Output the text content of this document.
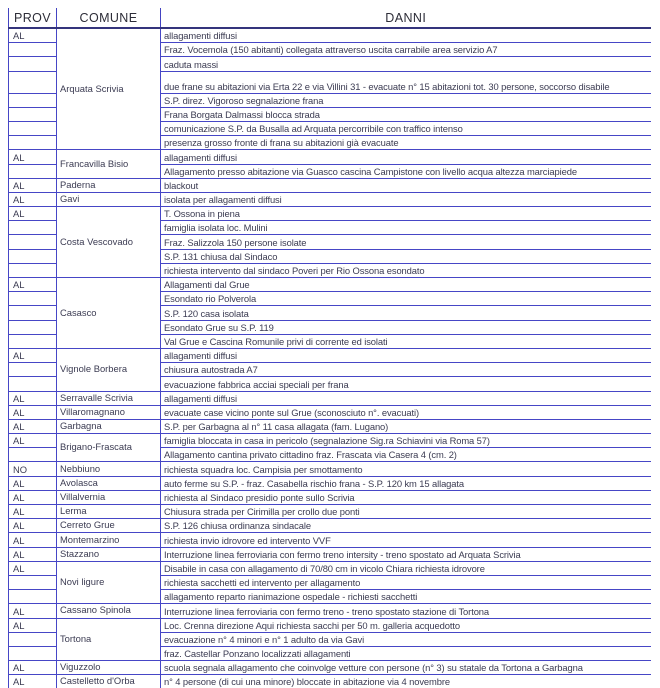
PROV	COMUNE	DANNI
AL	Arquata Scrivia	allagamenti diffusi
		Fraz. Vocemola (150 abitanti) collegata attraverso uscita carrabile area servizio A7
		caduta massi
		due frane su abitazioni via Erta 22 e via Villini 31 - evacuate n° 15 abitazioni tot. 30 persone, soccorso disabile
		S.P. direz. Vigoroso segnalazione frana
		Frana Borgata Dalmassi blocca strada
		comunicazione S.P. da Busalla ad Arquata percorribile con traffico intenso
		presenza grosso fronte di frana su abitazioni già evacuate
AL	Francavilla Bisio	allagamenti diffusi
		Allagamento presso abitazione via Guasco cascina Campistone con livello acqua altezza marciapiede
AL	Paderna	blackout
AL	Gavi	isolata per allagamenti diffusi
AL	Costa Vescovado	T. Ossona in piena
		famiglia isolata loc. Mulini
		Fraz. Salizzola 150 persone isolate
		S.P. 131 chiusa dal Sindaco
		richiesta intervento dal sindaco Poveri per Rio Ossona esondato
AL	Casasco	Allagamenti dal Grue
		Esondato rio Polverola
		S.P. 120 casa isolata
		Esondato Grue su S.P. 119
		Val Grue e Cascina Romunile privi di corrente ed isolati
AL	Vignole Borbera	allagamenti diffusi
		chiusura autostrada A7
		evacuazione fabbrica acciai speciali per frana
AL	Serravalle Scrivia	allagamenti diffusi
AL	Villaromagnano	evacuate case vicino ponte sul Grue (sconosciuto n°. evacuati)
AL	Garbagna	S.P. per Garbagna al n° 11 casa allagata (fam. Lugano)
AL	Brigano-Frascata	famiglia bloccata in casa in pericolo (segnalazione Sig.ra Schiavini via Roma 57)
		Allagamento cantina privato cittadino fraz. Frascata via Casera 4 (cm. 2)
NO	Nebbiuno	richiesta squadra loc. Campisia per smottamento
AL	Avolasca	auto ferme su S.P. - fraz. Casabella rischio frana - S.P. 120 km 15 allagata
AL	Villalvernia	richiesta al Sindaco presidio ponte sullo Scrivia
AL	Lerma	Chiusura strada per Cirimilla per crollo due ponti
AL	Cerreto Grue	S.P. 126 chiusa ordinanza sindacale
AL	Montemarzino	richiesta invio idrovore ed intervento VVF
AL	Stazzano	Interruzione linea ferroviaria con fermo treno intersity - treno spostato ad Arquata Scrivia
AL	Novi ligure	Disabile in casa con allagamento di 70/80 cm in vicolo Chiara richiesta idrovore
		richiesta sacchetti ed intervento per allagamento
		allagamento reparto rianimazione ospedale - richiesti sacchetti
AL	Cassano Spinola	Interruzione linea ferroviaria con fermo treno - treno spostato stazione di Tortona
AL	Tortona	Loc. Crenna direzione Aqui richiesta sacchi per 50 m. galleria acquedotto
		evacuazione n° 4 minori e n° 1 adulto da via Gavi
		fraz. Castellar Ponzano localizzati allagamenti
AL	Viguzzolo	scuola segnala allagamento che coinvolge vetture con persone (n° 3) su statale da Tortona a Garbagna
AL	Castelletto d'Orba	n° 4 persone (di cui una minore) bloccate in abitazione via 4 novembre
